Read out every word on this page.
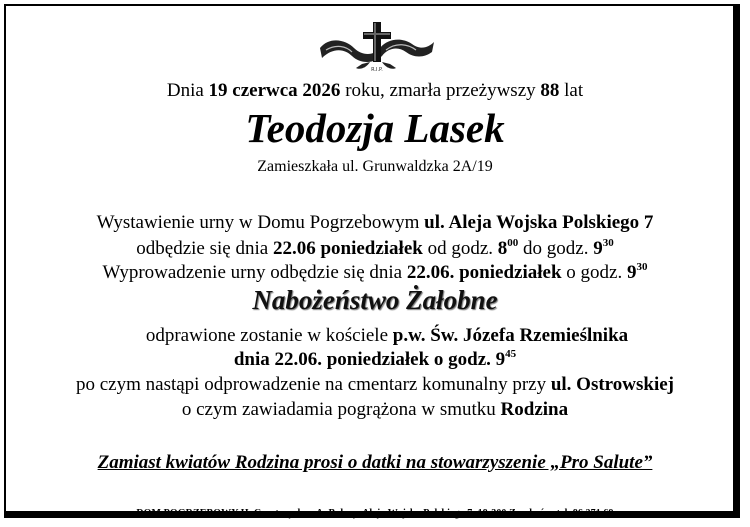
R.I.P.
Dnia 19 czerwca 2026 roku, zmarła przeżywszy 88 lat
Teodozja Lasek
Zamieszkała ul. Grunwaldzka 2A/19
Wystawienie urny w Domu Pogrzebowym ul. Aleja Wojska Polskiego 7
odbędzie się dnia 22.06 poniedziałek od godz. $8^{00}$ do godz. $9^{30}$
Wyprowadzenie urny odbędzie się dnia 22.06. poniedziałek o godz. $9^{30}$
Nabożeństwo Żałobne
odprawione zostanie w kościele p.w. Św. Józefa Rzemieślnika
dnia 22.06. poniedziałek o godz. $9^{45}$
po czym nastąpi odprowadzenie na cmentarz komunalny przy ul. Ostrowskiej
o czym zawiadamia pogrążona w smutku Rodzina
Zamiast kwiatów Rodzina prosi o datki na stowarzyszenie „Pro Salute”
DOM POGRZEBOWY H. Czartoryska –A. Bałazy, Aleja Wojska Polskiego 7, 18-300 Zambrów, tel. 86 271 69
